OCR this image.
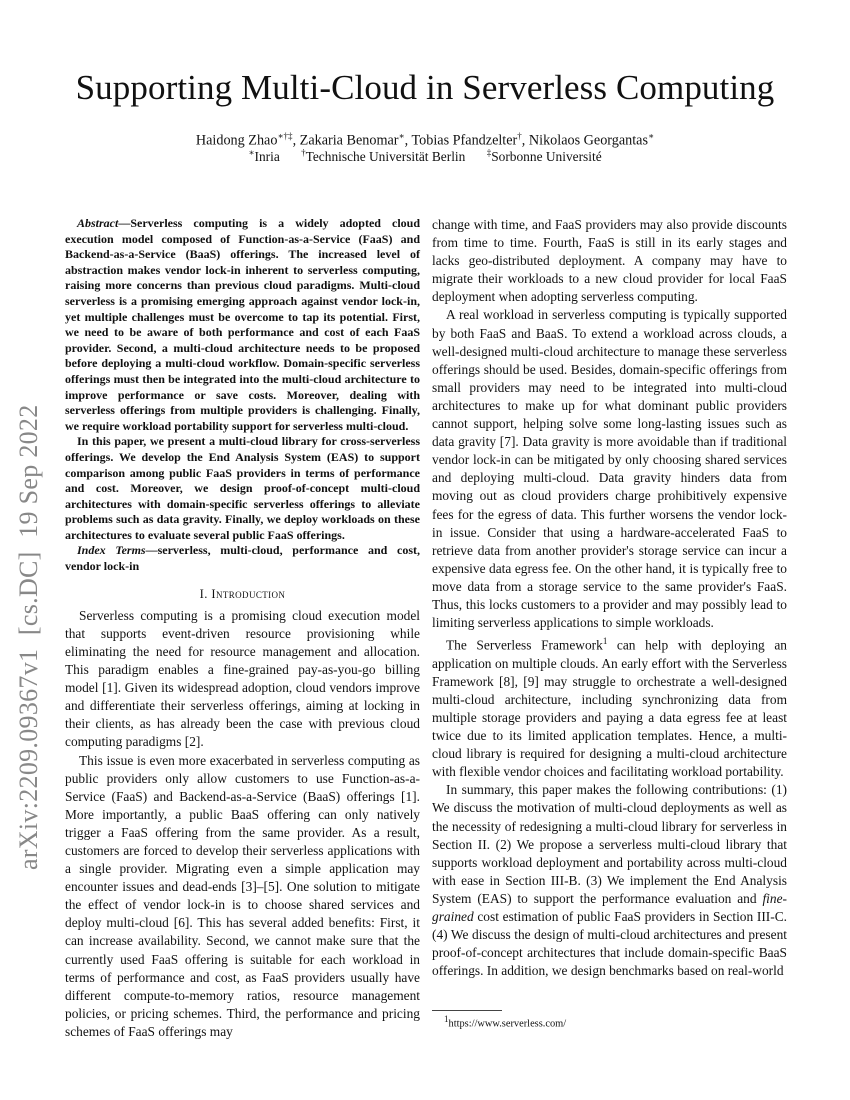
Supporting Multi-Cloud in Serverless Computing
Haidong Zhao∗†‡, Zakaria Benomar∗, Tobias Pfandzelter†, Nikolaos Georgantas∗
∗Inria †Technische Universität Berlin ‡Sorbonne Université
arXiv:2209.09367v1  [cs.DC]  19 Sep 2022

Abstract—Serverless computing is a widely adopted cloud execution model composed of Function-as-a-Service (FaaS) and Backend-as-a-Service (BaaS) offerings. The increased level of abstraction makes vendor lock-in inherent to serverless computing, raising more concerns than previous cloud paradigms. Multi-cloud serverless is a promising emerging approach against vendor lock-in, yet multiple challenges must be overcome to tap its potential. First, we need to be aware of both performance and cost of each FaaS provider. Second, a multi-cloud architecture needs to be proposed before deploying a multi-cloud workflow. Domain-specific serverless offerings must then be integrated into the multi-cloud architecture to improve performance or save costs. Moreover, dealing with serverless offerings from multiple providers is challenging. Finally, we require workload portability support for serverless multi-cloud.

In this paper, we present a multi-cloud library for cross-serverless offerings. We develop the End Analysis System (EAS) to support comparison among public FaaS providers in terms of performance and cost. Moreover, we design proof-of-concept multi-cloud architectures with domain-specific serverless offerings to alleviate problems such as data gravity. Finally, we deploy workloads on these architectures to evaluate several public FaaS offerings.

Index Terms—serverless, multi-cloud, performance and cost, vendor lock-in

I. Introduction

Serverless computing is a promising cloud execution model that supports event-driven resource provisioning while eliminating the need for resource management and allocation. This paradigm enables a fine-grained pay-as-you-go billing model [1]. Given its widespread adoption, cloud vendors improve and differentiate their serverless offerings, aiming at locking in their clients, as has already been the case with previous cloud computing paradigms [2].

This issue is even more exacerbated in serverless computing as public providers only allow customers to use Function-as-a-Service (FaaS) and Backend-as-a-Service (BaaS) offerings [1]. More importantly, a public BaaS offering can only natively trigger a FaaS offering from the same provider. As a result, customers are forced to develop their serverless applications with a single provider. Migrating even a simple application may encounter issues and dead-ends [3]–[5]. One solution to mitigate the effect of vendor lock-in is to choose shared services and deploy multi-cloud [6]. This has several added benefits: First, it can increase availability. Second, we cannot make sure that the currently used FaaS offering is suitable for each workload in terms of performance and cost, as FaaS providers usually have different compute-to-memory ratios, resource management policies, or pricing schemes. Third, the performance and pricing schemes of FaaS offerings may

change with time, and FaaS providers may also provide discounts from time to time. Fourth, FaaS is still in its early stages and lacks geo-distributed deployment. A company may have to migrate their workloads to a new cloud provider for local FaaS deployment when adopting serverless computing.

A real workload in serverless computing is typically supported by both FaaS and BaaS. To extend a workload across clouds, a well-designed multi-cloud architecture to manage these serverless offerings should be used. Besides, domain-specific offerings from small providers may need to be integrated into multi-cloud architectures to make up for what dominant public providers cannot support, helping solve some long-lasting issues such as data gravity [7]. Data gravity is more avoidable than if traditional vendor lock-in can be mitigated by only choosing shared services and deploying multi-cloud. Data gravity hinders data from moving out as cloud providers charge prohibitively expensive fees for the egress of data. This further worsens the vendor lock-in issue. Consider that using a hardware-accelerated FaaS to retrieve data from another provider's storage service can incur a expensive data egress fee. On the other hand, it is typically free to move data from a storage service to the same provider's FaaS. Thus, this locks customers to a provider and may possibly lead to limiting serverless applications to simple workloads.

The Serverless Framework$^1$ can help with deploying an application on multiple clouds. An early effort with the Serverless Framework [8], [9] may struggle to orchestrate a well-designed multi-cloud architecture, including synchronizing data from multiple storage providers and paying a data egress fee at least twice due to its limited application templates. Hence, a multi-cloud library is required for designing a multi-cloud architecture with flexible vendor choices and facilitating workload portability.

In summary, this paper makes the following contributions: (1) We discuss the motivation of multi-cloud deployments as well as the necessity of redesigning a multi-cloud library for serverless in Section II. (2) We propose a serverless multi-cloud library that supports workload deployment and portability across multi-cloud with ease in Section III-B. (3) We implement the End Analysis System (EAS) to support the performance evaluation and fine-grained cost estimation of public FaaS providers in Section III-C. (4) We discuss the design of multi-cloud architectures and present proof-of-concept architectures that include domain-specific BaaS offerings. In addition, we design benchmarks based on real-world

$^1$https://www.serverless.com/
